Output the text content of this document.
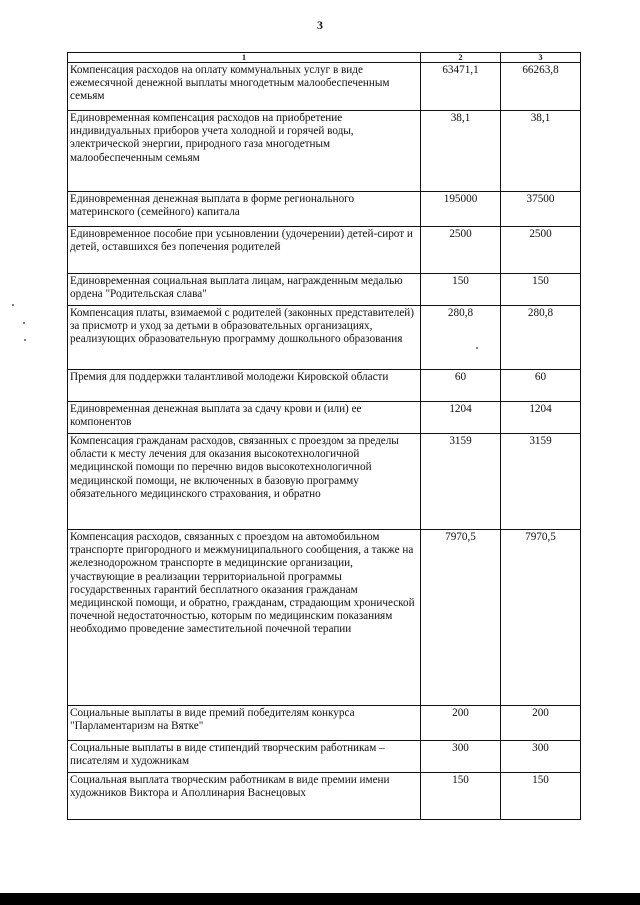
3
1	2	3
Компенсация расходов на оплату коммунальных услуг в виде ежемесячной денежной выплаты многодетным малообеспеченным семьям	63471,1	66263,8
Единовременная компенсация расходов на приобретение индивидуальных приборов учета холодной и горячей воды, электрической энергии, природного газа многодетным малообеспеченным семьям	38,1	38,1
Единовременная денежная выплата в форме регионального материнского (семейного) капитала	195000	37500
Единовременное пособие при усыновлении (удочерении) детей-сирот и детей, оставшихся без попечения родителей	2500	2500
Единовременная социальная выплата лицам, награжденным медалью ордена "Родительская слава"	150	150
Компенсация платы, взимаемой с родителей (законных представителей) за присмотр и уход за детьми в образовательных организациях, реализующих образовательную программу дошкольного образования	280,8	280,8
Премия для поддержки талантливой молодежи Кировской области	60	60
Единовременная денежная выплата за сдачу крови и (или) ее компонентов	1204	1204
Компенсация гражданам расходов, связанных с проездом за пределы области к месту лечения для оказания высокотехнологичной медицинской помощи по перечню видов высокотехнологичной медицинской помощи, не включенных в базовую программу обязательного медицинского страхования, и обратно	3159	3159
Компенсация расходов, связанных с проездом на автомобильном транспорте пригородного и межмуниципального сообщения, а также на железнодорожном транспорте в медицинские организации, участвующие в реализации территориальной программы государственных гарантий бесплатного оказания гражданам медицинской помощи, и обратно, гражданам, страдающим хронической почечной недостаточностью, которым по медицинским показаниям необходимо проведение заместительной почечной терапии	7970,5	7970,5
Социальные выплаты в виде премий победителям конкурса "Парламентаризм на Вятке"	200	200
Социальные выплаты в виде стипендий творческим работникам – писателям и художникам	300	300
Социальная выплата творческим работникам в виде премии имени художников Виктора и Аполлинария Васнецовых	150	150
